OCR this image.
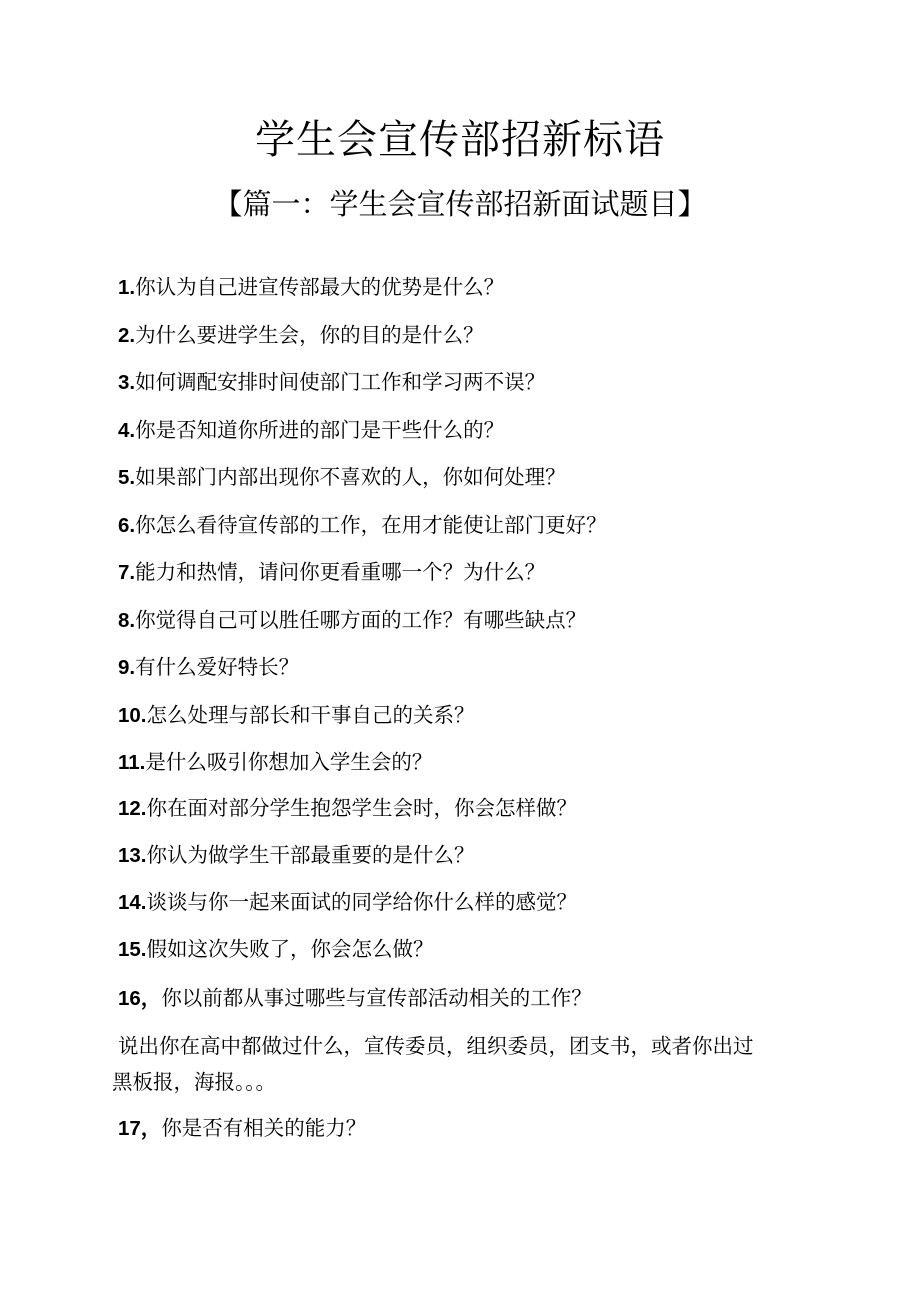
学生会宣传部招新标语
【篇一：学生会宣传部招新面试题目】
1.你认为自己进宣传部最大的优势是什么？
2.为什么要进学生会，你的目的是什么？
3.如何调配安排时间使部门工作和学习两不误？
4.你是否知道你所进的部门是干些什么的？
5.如果部门内部出现你不喜欢的人，你如何处理？
6.你怎么看待宣传部的工作，在用才能使让部门更好？
7.能力和热情，请问你更看重哪一个？为什么？
8.你觉得自己可以胜任哪方面的工作？有哪些缺点？
9.有什么爱好特长？
10.怎么处理与部长和干事自己的关系？
11.是什么吸引你想加入学生会的？
12.你在面对部分学生抱怨学生会时，你会怎样做？
13.你认为做学生干部最重要的是什么？
14.谈谈与你一起来面试的同学给你什么样的感觉？
15.假如这次失败了，你会怎么做？
16，你以前都从事过哪些与宣传部活动相关的工作？
说出你在高中都做过什么，宣传委员，组织委员，团支书，或者你出过黑板报，海报。。。
17，你是否有相关的能力？
